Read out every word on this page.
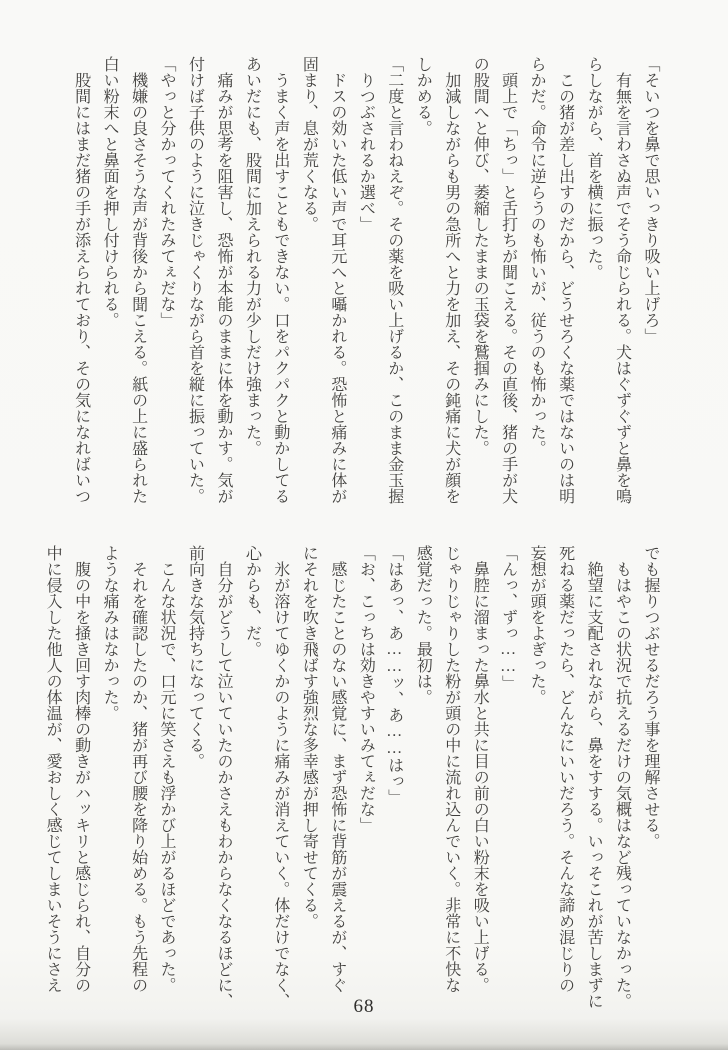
「そいつを鼻で思いっきり吸い上げろ」

有無を言わさぬ声でそう命じられる。犬はぐずぐずと鼻を鳴

らしながら、首を横に振った。

この猪が差し出すのだから、どうせろくな薬ではないのは明

らかだ。命令に逆らうのも怖いが、従うのも怖かった。

頭上で「ちっ」と舌打ちが聞こえる。その直後、猪の手が犬

の股間へと伸び、萎縮したままの玉袋を鷲掴みにした。

加減しながらも男の急所へと力を加え、その鈍痛に犬が顔を

しかめる。

「二度と言わねえぞ。その薬を吸い上げるか、このまま金玉握

りつぶされるか選べ」

ドスの効いた低い声で耳元へと囁かれる。恐怖と痛みに体が

固まり、息が荒くなる。

うまく声を出すこともできない。口をパクパクと動かしてる

あいだにも、股間に加えられる力が少しだけ強まった。

痛みが思考を阻害し、恐怖が本能のままに体を動かす。気が

付けば子供のように泣きじゃくりながら首を縦に振っていた。

「やっと分かってくれたみてぇだな」

機嫌の良さそうな声が背後から聞こえる。紙の上に盛られた

白い粉末へと鼻面を押し付けられる。

股間にはまだ猪の手が添えられており、その気になればいつ

でも握りつぶせるだろう事を理解させる。

もはやこの状況で抗えるだけの気概はなど残っていなかった。

絶望に支配されながら、鼻をすする。いっそこれが苦しまずに

死ねる薬だったら、どんなにいいだろう。そんな諦め混じりの

妄想が頭をよぎった。

「んっ、ずっ……」

鼻腔に溜まった鼻水と共に目の前の白い粉末を吸い上げる。

じゃりじゃりした粉が頭の中に流れ込んでいく。非常に不快な

感覚だった。最初は。

「はあっ、あ……ッ、あ……はっ」

「お、こっちは効きやすいみてぇだな」

感じたことのない感覚に、まず恐怖に背筋が震えるが、すぐ

にそれを吹き飛ばす強烈な多幸感が押し寄せてくる。

氷が溶けてゆくかのように痛みが消えていく。体だけでなく、

心からも、だ。

自分がどうして泣いていたのかさえもわからなくなるほどに、

前向きな気持ちになってくる。

こんな状況で、口元に笑さえも浮かび上がるほどであった。

それを確認したのか、猪が再び腰を降り始める。もう先程の

ような痛みはなかった。

腹の中を掻き回す肉棒の動きがハッキリと感じられ、自分の

中に侵入した他人の体温が、愛おしく感じてしまいそうにさえ

68
